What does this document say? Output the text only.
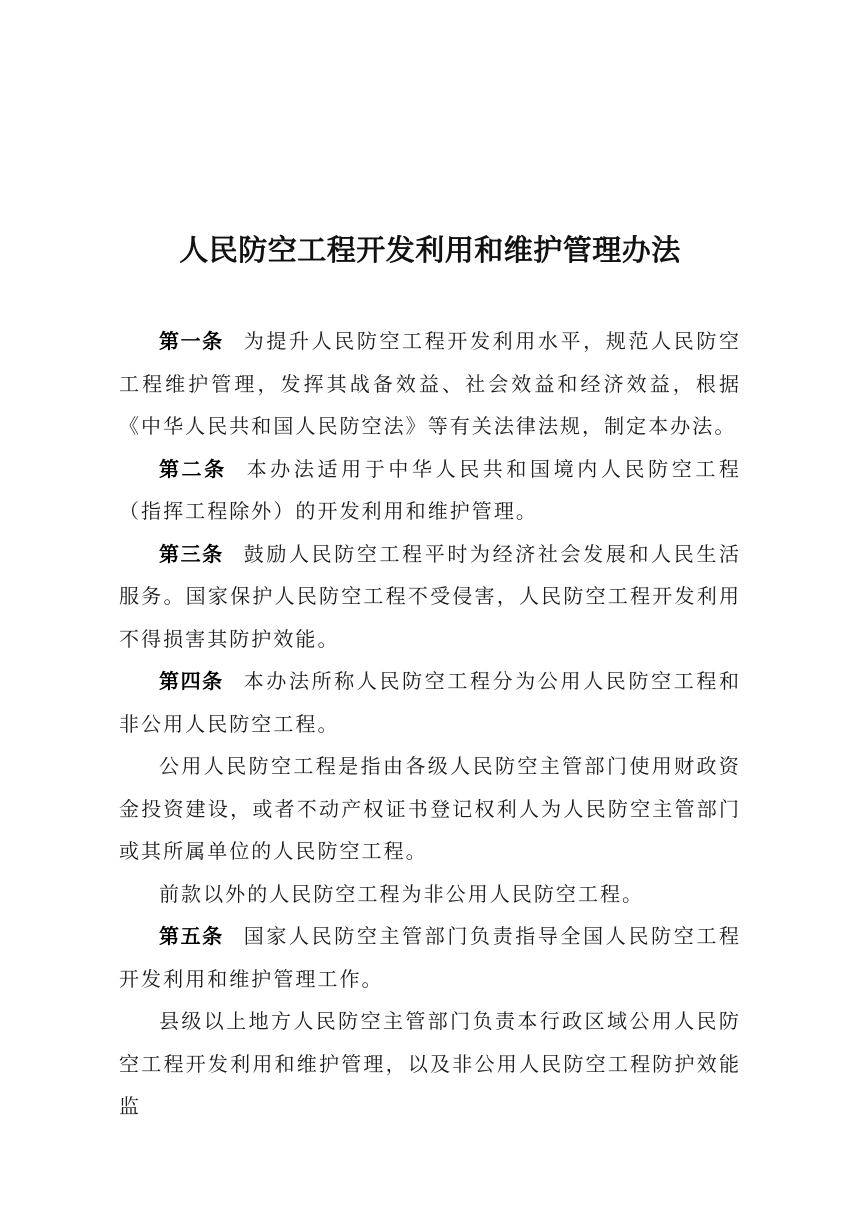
人民防空工程开发利用和维护管理办法

第一条 为提升人民防空工程开发利用水平，规范人民防空工程维护管理，发挥其战备效益、社会效益和经济效益，根据《中华人民共和国人民防空法》等有关法律法规，制定本办法。

第二条 本办法适用于中华人民共和国境内人民防空工程（指挥工程除外）的开发利用和维护管理。

第三条 鼓励人民防空工程平时为经济社会发展和人民生活服务。国家保护人民防空工程不受侵害，人民防空工程开发利用不得损害其防护效能。

第四条 本办法所称人民防空工程分为公用人民防空工程和非公用人民防空工程。

公用人民防空工程是指由各级人民防空主管部门使用财政资金投资建设，或者不动产权证书登记权利人为人民防空主管部门或其所属单位的人民防空工程。

前款以外的人民防空工程为非公用人民防空工程。

第五条 国家人民防空主管部门负责指导全国人民防空工程开发利用和维护管理工作。

县级以上地方人民防空主管部门负责本行政区域公用人民防空工程开发利用和维护管理，以及非公用人民防空工程防护效能监
